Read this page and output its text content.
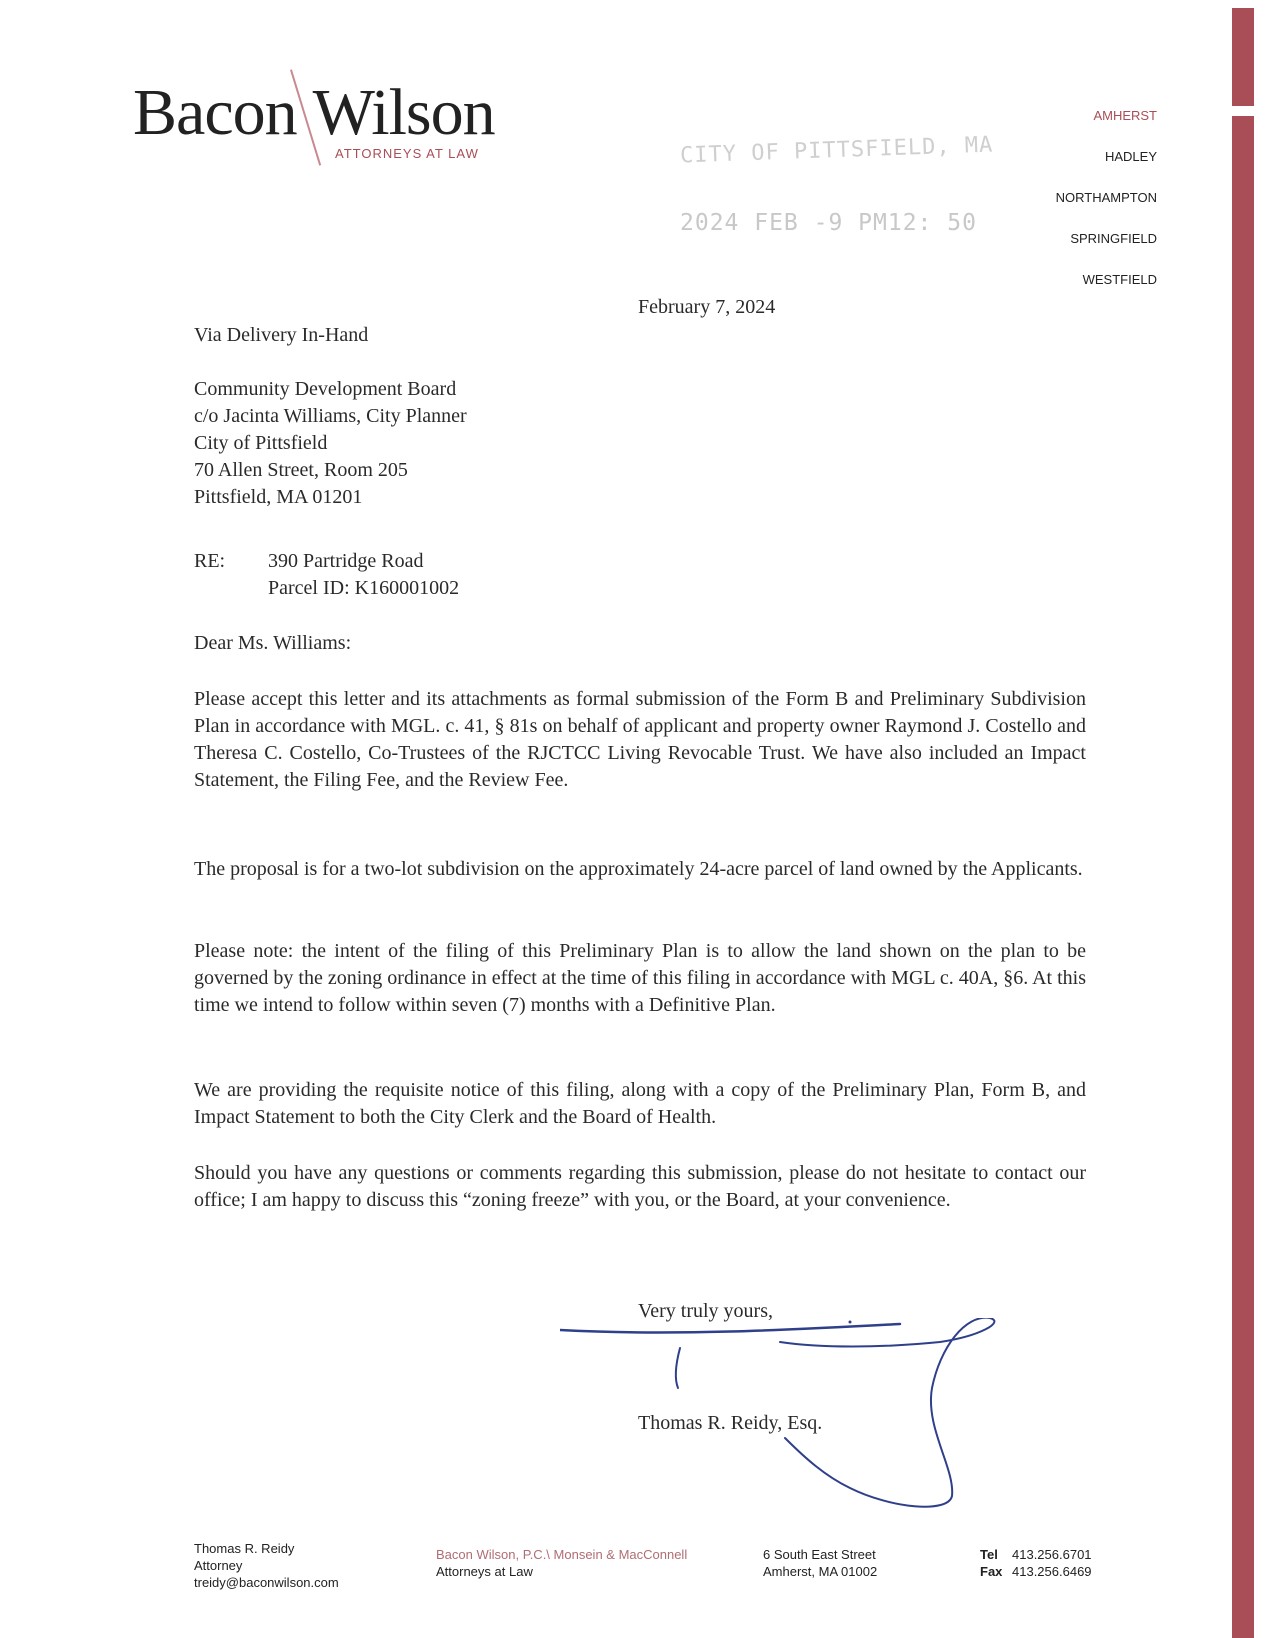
Bacon Wilson
ATTORNEYS AT LAW
AMHERST
HADLEY
NORTHAMPTON
SPRINGFIELD
WESTFIELD
CITY OF PITTSFIELD, MA
2024 FEB -9 PM12: 50
February 7, 2024
Via Delivery In-Hand
Community Development Board
c/o Jacinta Williams, City Planner
City of Pittsfield
70 Allen Street, Room 205
Pittsfield, MA 01201
RE: 390 Partridge Road
Parcel ID: K160001002
Dear Ms. Williams:
Please accept this letter and its attachments as formal submission of the Form B and Preliminary Subdivision Plan in accordance with MGL. c. 41, § 81s on behalf of applicant and property owner Raymond J. Costello and Theresa C. Costello, Co-Trustees of the RJCTCC Living Revocable Trust. We have also included an Impact Statement, the Filing Fee, and the Review Fee.
The proposal is for a two-lot subdivision on the approximately 24-acre parcel of land owned by the Applicants.
Please note: the intent of the filing of this Preliminary Plan is to allow the land shown on the plan to be governed by the zoning ordinance in effect at the time of this filing in accordance with MGL c. 40A, §6. At this time we intend to follow within seven (7) months with a Definitive Plan.
We are providing the requisite notice of this filing, along with a copy of the Preliminary Plan, Form B, and Impact Statement to both the City Clerk and the Board of Health.
Should you have any questions or comments regarding this submission, please do not hesitate to contact our office; I am happy to discuss this “zoning freeze” with you, or the Board, at your convenience.
Very truly yours,
Thomas R. Reidy, Esq.
Thomas R. Reidy
Attorney
treidy@baconwilson.com
Bacon Wilson, P.C.\ Monsein & MacConnell
Attorneys at Law
6 South East Street
Amherst, MA 01002
Tel 413.256.6701
Fax 413.256.6469
